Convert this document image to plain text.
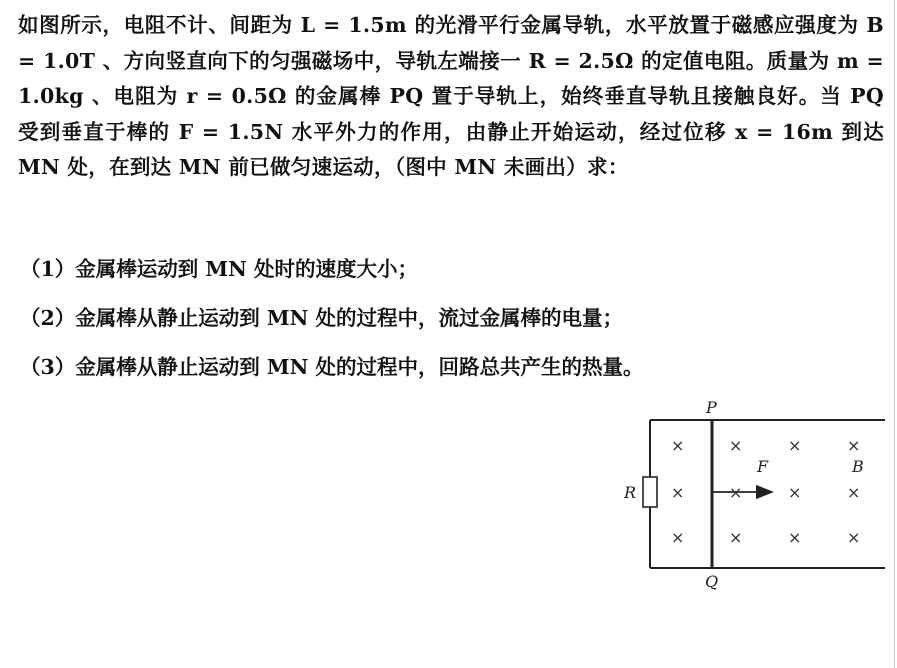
如图所示，电阻不计、间距为 L = 1.5m 的光滑平行金属导轨，水平放置于磁感应强度为 B = 1.0T 、方向竖直向下的匀强磁场中，导轨左端接一 R = 2.5Ω 的定值电阻。质量为 m = 1.0kg 、电阻为 r = 0.5Ω 的金属棒 PQ 置于导轨上，始终垂直导轨且接触良好。当 PQ 受到垂直于棒的 F = 1.5N 水平外力的作用，由静止开始运动，经过位移 x = 16m 到达 MN 处，在到达 MN 前已做匀速运动，（图中 MN 未画出）求：

（1）金属棒运动到 MN 处时的速度大小；
（2）金属棒从静止运动到 MN 处的过程中，流过金属棒的电量；
（3）金属棒从静止运动到 MN 处的过程中，回路总共产生的热量。
R
P
Q
F	B
×	×	×	×
×	×	×	×
×	×	×	×
